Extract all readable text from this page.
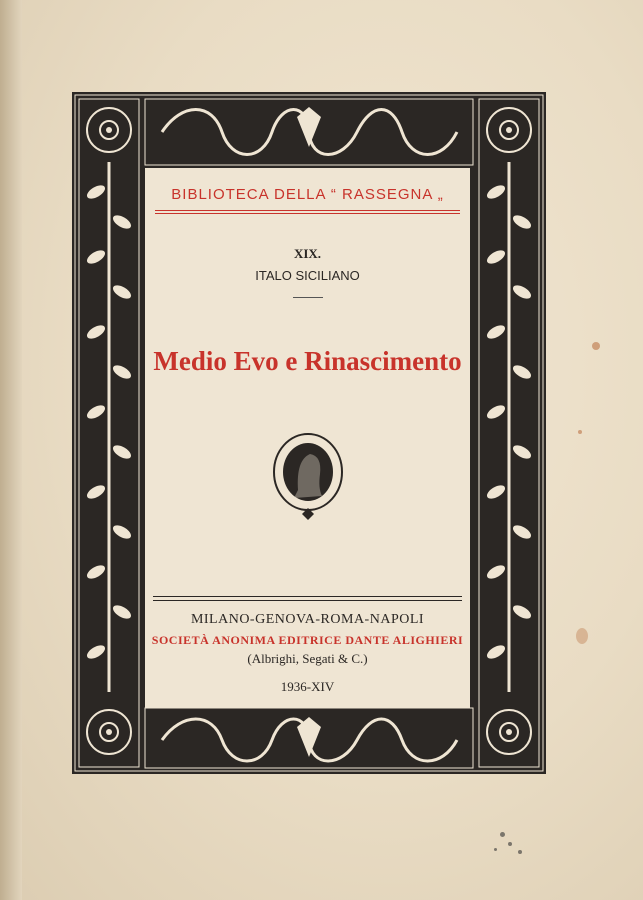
BIBLIOTECA DELLA “ RASSEGNA „
XIX.
ITALO SICILIANO
Medio Evo e Rinascimento
MILANO-GENOVA-ROMA-NAPOLI
SOCIETÀ ANONIMA EDITRICE DANTE ALIGHIERI
(Albrighi, Segati & C.)
1936-XIV
